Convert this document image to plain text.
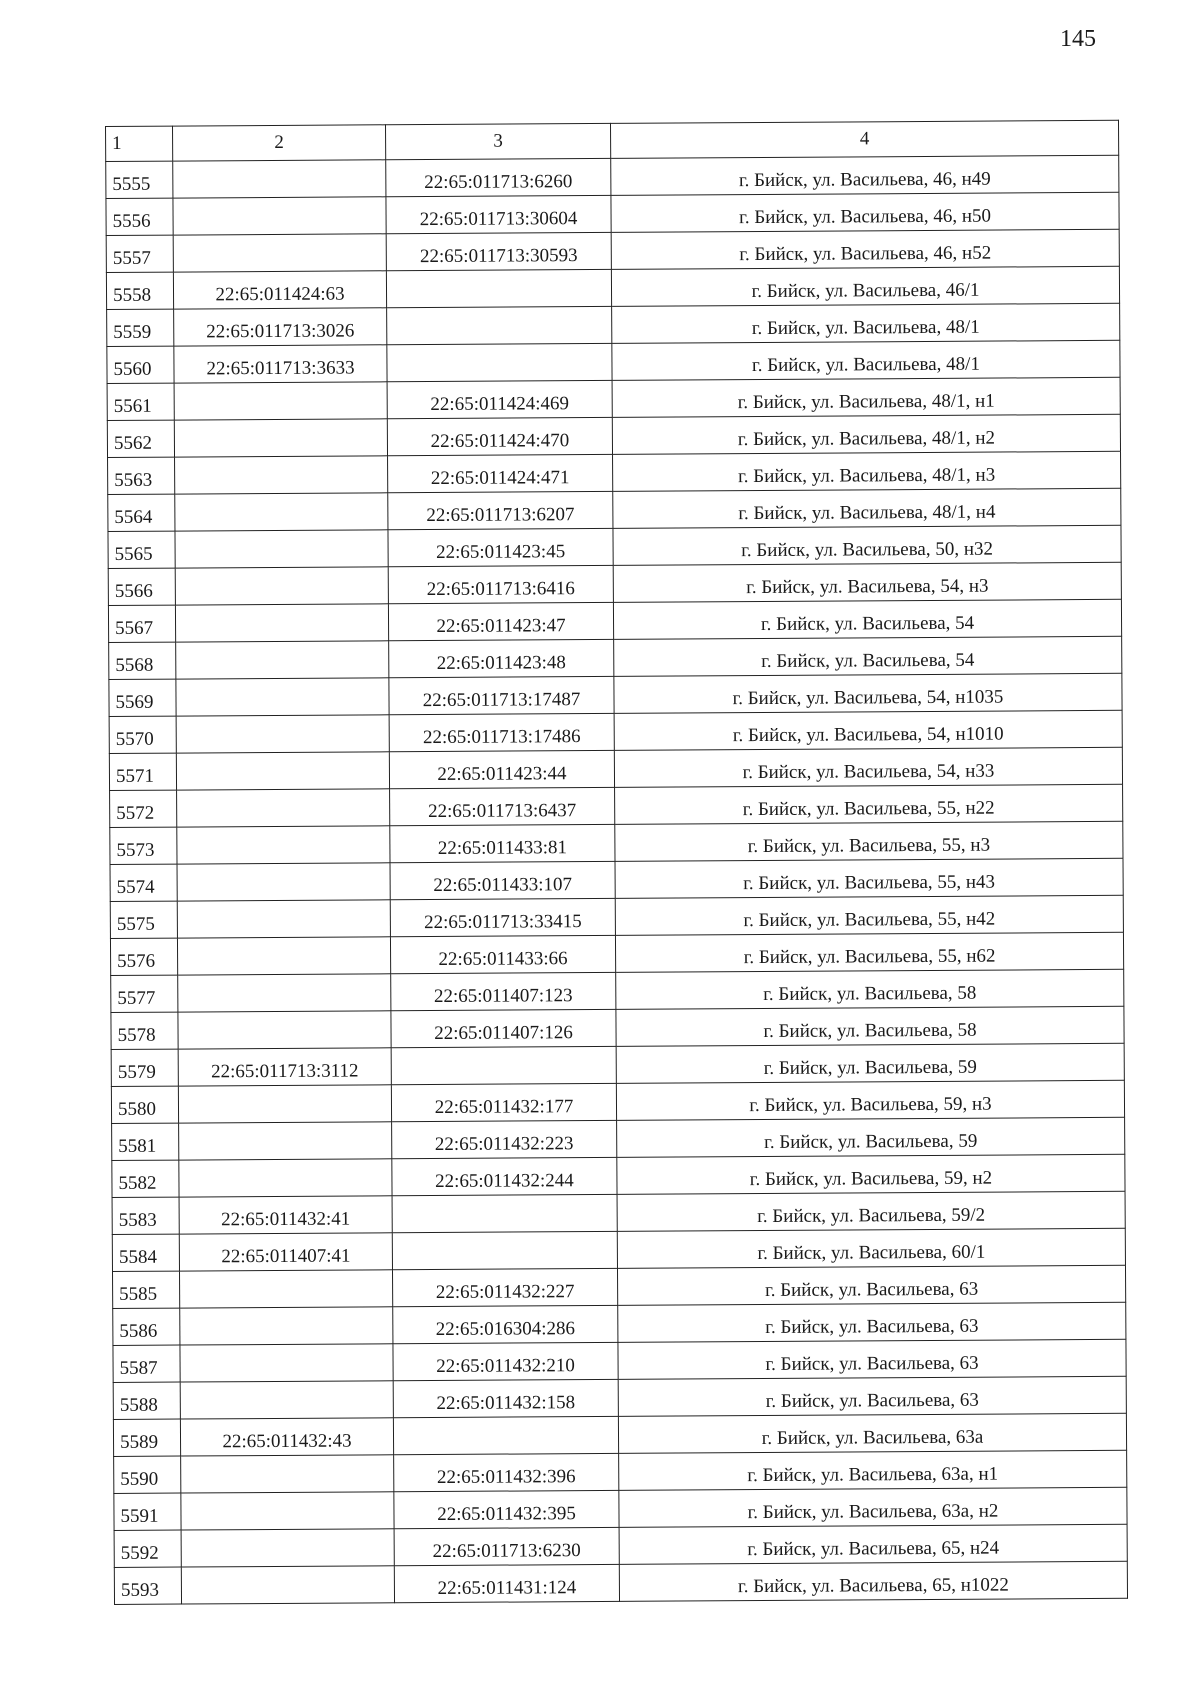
145
1	2	3	4
5555		22:65:011713:6260	г. Бийск, ул. Васильева, 46, н49
5556		22:65:011713:30604	г. Бийск, ул. Васильева, 46, н50
5557		22:65:011713:30593	г. Бийск, ул. Васильева, 46, н52
5558	22:65:011424:63		г. Бийск, ул. Васильева, 46/1
5559	22:65:011713:3026		г. Бийск, ул. Васильева, 48/1
5560	22:65:011713:3633		г. Бийск, ул. Васильева, 48/1
5561		22:65:011424:469	г. Бийск, ул. Васильева, 48/1, н1
5562		22:65:011424:470	г. Бийск, ул. Васильева, 48/1, н2
5563		22:65:011424:471	г. Бийск, ул. Васильева, 48/1, н3
5564		22:65:011713:6207	г. Бийск, ул. Васильева, 48/1, н4
5565		22:65:011423:45	г. Бийск, ул. Васильева, 50, н32
5566		22:65:011713:6416	г. Бийск, ул. Васильева, 54, н3
5567		22:65:011423:47	г. Бийск, ул. Васильева, 54
5568		22:65:011423:48	г. Бийск, ул. Васильева, 54
5569		22:65:011713:17487	г. Бийск, ул. Васильева, 54, н1035
5570		22:65:011713:17486	г. Бийск, ул. Васильева, 54, н1010
5571		22:65:011423:44	г. Бийск, ул. Васильева, 54, н33
5572		22:65:011713:6437	г. Бийск, ул. Васильева, 55, н22
5573		22:65:011433:81	г. Бийск, ул. Васильева, 55, н3
5574		22:65:011433:107	г. Бийск, ул. Васильева, 55, н43
5575		22:65:011713:33415	г. Бийск, ул. Васильева, 55, н42
5576		22:65:011433:66	г. Бийск, ул. Васильева, 55, н62
5577		22:65:011407:123	г. Бийск, ул. Васильева, 58
5578		22:65:011407:126	г. Бийск, ул. Васильева, 58
5579	22:65:011713:3112		г. Бийск, ул. Васильева, 59
5580		22:65:011432:177	г. Бийск, ул. Васильева, 59, н3
5581		22:65:011432:223	г. Бийск, ул. Васильева, 59
5582		22:65:011432:244	г. Бийск, ул. Васильева, 59, н2
5583	22:65:011432:41		г. Бийск, ул. Васильева, 59/2
5584	22:65:011407:41		г. Бийск, ул. Васильева, 60/1
5585		22:65:011432:227	г. Бийск, ул. Васильева, 63
5586		22:65:016304:286	г. Бийск, ул. Васильева, 63
5587		22:65:011432:210	г. Бийск, ул. Васильева, 63
5588		22:65:011432:158	г. Бийск, ул. Васильева, 63
5589	22:65:011432:43		г. Бийск, ул. Васильева, 63а
5590		22:65:011432:396	г. Бийск, ул. Васильева, 63а, н1
5591		22:65:011432:395	г. Бийск, ул. Васильева, 63а, н2
5592		22:65:011713:6230	г. Бийск, ул. Васильева, 65, н24
5593		22:65:011431:124	г. Бийск, ул. Васильева, 65, н1022
